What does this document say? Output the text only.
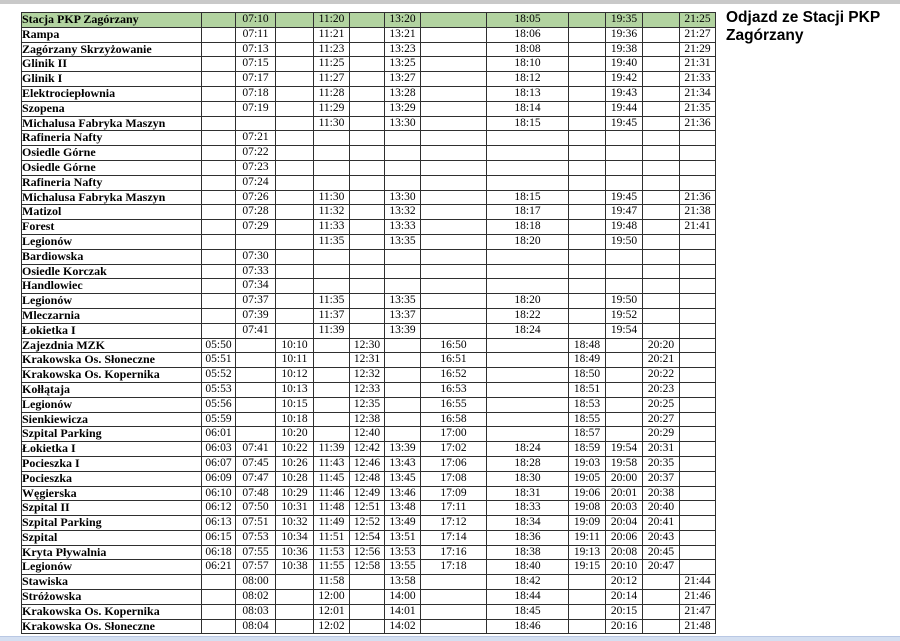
Stacja PKP Zagórzany		07:10		11:20		13:20		18:05		19:35		21:25
Rampa		07:11		11:21		13:21		18:06		19:36		21:27
Zagórzany Skrzyżowanie		07:13		11:23		13:23		18:08		19:38		21:29
Glinik II		07:15		11:25		13:25		18:10		19:40		21:31
Glinik I		07:17		11:27		13:27		18:12		19:42		21:33
Elektrociepłownia		07:18		11:28		13:28		18:13		19:43		21:34
Szopena		07:19		11:29		13:29		18:14		19:44		21:35
Michalusa Fabryka Maszyn				11:30		13:30		18:15		19:45		21:36
Rafineria Nafty		07:21										
Osiedle Górne		07:22										
Osiedle Górne		07:23										
Rafineria Nafty		07:24										
Michalusa Fabryka Maszyn		07:26		11:30		13:30		18:15		19:45		21:36
Matizol		07:28		11:32		13:32		18:17		19:47		21:38
Forest		07:29		11:33		13:33		18:18		19:48		21:41
Legionów				11:35		13:35		18:20		19:50		
Bardiowska		07:30										
Osiedle Korczak		07:33										
Handlowiec		07:34										
Legionów		07:37		11:35		13:35		18:20		19:50		
Mleczarnia		07:39		11:37		13:37		18:22		19:52		
Łokietka I		07:41		11:39		13:39		18:24		19:54		
Zajezdnia MZK	05:50		10:10		12:30		16:50		18:48		20:20	
Krakowska Os. Słoneczne	05:51		10:11		12:31		16:51		18:49		20:21	
Krakowska Os. Kopernika	05:52		10:12		12:32		16:52		18:50		20:22	
Kołłątaja	05:53		10:13		12:33		16:53		18:51		20:23	
Legionów	05:56		10:15		12:35		16:55		18:53		20:25	
Sienkiewicza	05:59		10:18		12:38		16:58		18:55		20:27	
Szpital Parking	06:01		10:20		12:40		17:00		18:57		20:29	
Łokietka I	06:03	07:41	10:22	11:39	12:42	13:39	17:02	18:24	18:59	19:54	20:31	
Pocieszka I	06:07	07:45	10:26	11:43	12:46	13:43	17:06	18:28	19:03	19:58	20:35	
Pocieszka	06:09	07:47	10:28	11:45	12:48	13:45	17:08	18:30	19:05	20:00	20:37	
Węgierska	06:10	07:48	10:29	11:46	12:49	13:46	17:09	18:31	19:06	20:01	20:38	
Szpital II	06:12	07:50	10:31	11:48	12:51	13:48	17:11	18:33	19:08	20:03	20:40	
Szpital Parking	06:13	07:51	10:32	11:49	12:52	13:49	17:12	18:34	19:09	20:04	20:41	
Szpital	06:15	07:53	10:34	11:51	12:54	13:51	17:14	18:36	19:11	20:06	20:43	
Kryta Pływalnia	06:18	07:55	10:36	11:53	12:56	13:53	17:16	18:38	19:13	20:08	20:45	
Legionów	06:21	07:57	10:38	11:55	12:58	13:55	17:18	18:40	19:15	20:10	20:47	
Stawiska		08:00		11:58		13:58		18:42		20:12		21:44
Stróżowska		08:02		12:00		14:00		18:44		20:14		21:46
Krakowska Os. Kopernika		08:03		12:01		14:01		18:45		20:15		21:47
Krakowska Os. Słoneczne		08:04		12:02		14:02		18:46		20:16		21:48
Odjazd ze Stacji PKP
Zagórzany
